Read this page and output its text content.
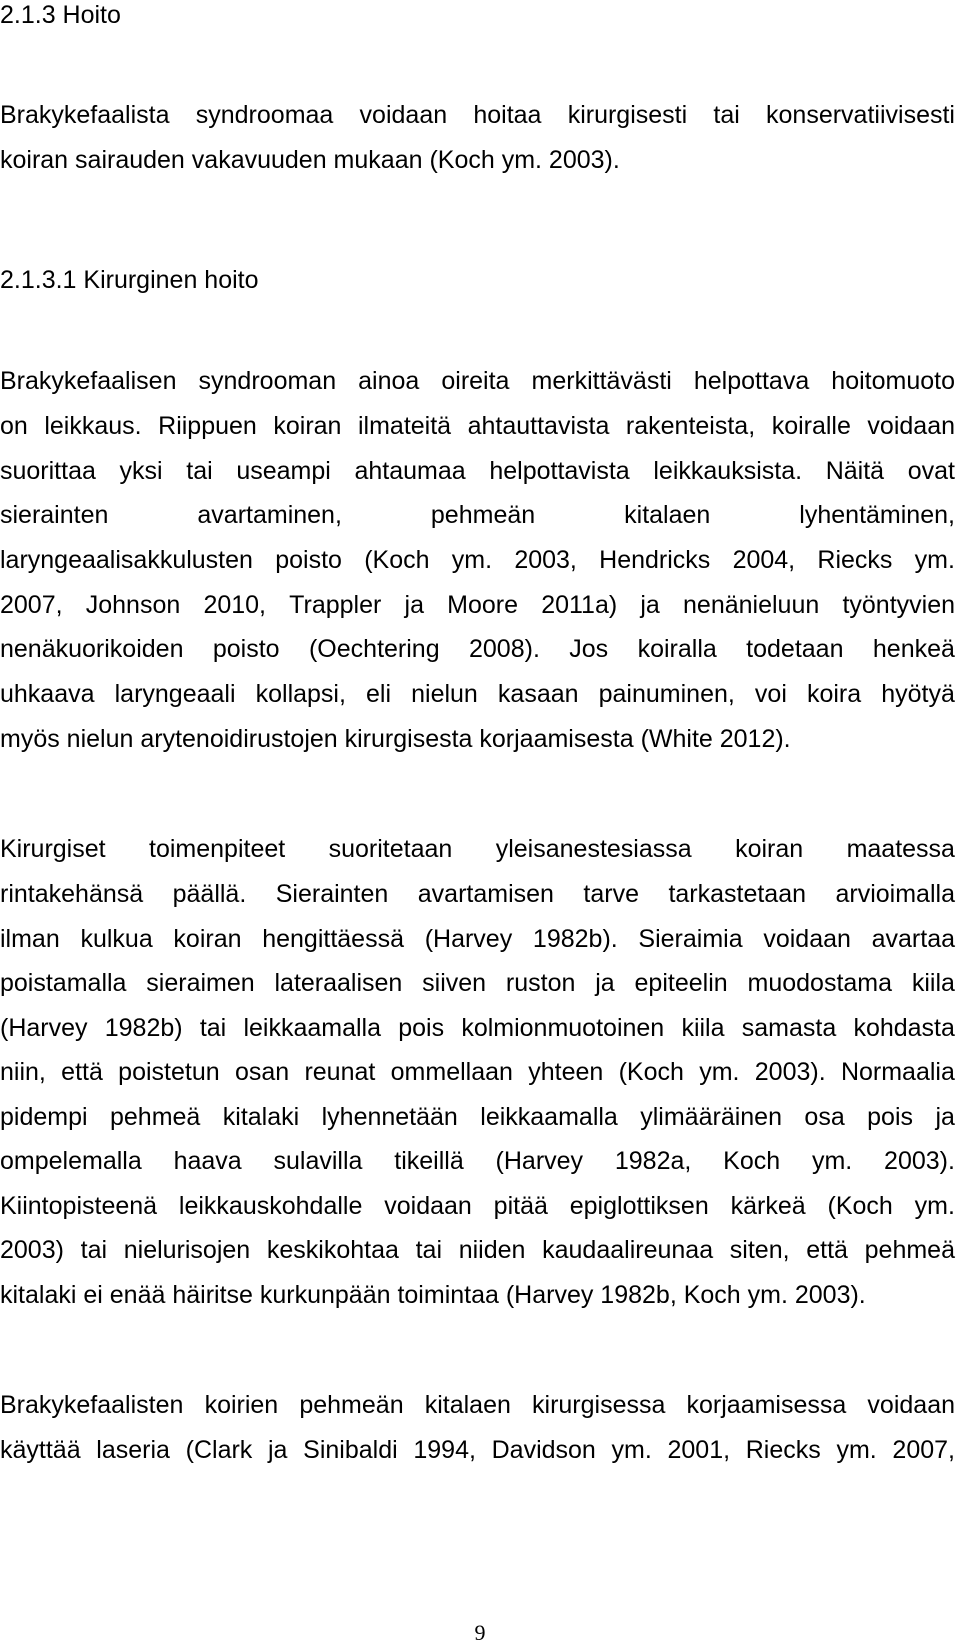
2.1.3 Hoito
Brakykefaalista syndroomaa voidaan hoitaa kirurgisesti tai konservatiivisesti
koiran sairauden vakavuuden mukaan (Koch ym. 2003).
2.1.3.1 Kirurginen hoito
Brakykefaalisen syndrooman ainoa oireita merkittävästi helpottava hoitomuoto
on leikkaus. Riippuen koiran ilmateitä ahtauttavista rakenteista, koiralle voidaan
suorittaa yksi tai useampi ahtaumaa helpottavista leikkauksista. Näitä ovat
sierainten	avartaminen,	pehmeän	kitalaen	lyhentäminen,
laryngeaalisakkulusten poisto (Koch ym. 2003, Hendricks 2004, Riecks ym.
2007, Johnson 2010, Trappler ja Moore 2011a) ja nenänieluun työntyvien
nenäkuorikoiden poisto (Oechtering 2008). Jos koiralla todetaan henkeä
uhkaava laryngeaali kollapsi, eli nielun kasaan painuminen, voi koira hyötyä
myös nielun arytenoidirustojen kirurgisesta korjaamisesta (White 2012).
Kirurgiset toimenpiteet suoritetaan yleisanestesiassa koiran maatessa
rintakehänsä päällä. Sierainten avartamisen tarve tarkastetaan arvioimalla
ilman kulkua koiran hengittäessä (Harvey 1982b). Sieraimia voidaan avartaa
poistamalla sieraimen lateraalisen siiven ruston ja epiteelin muodostama kiila
(Harvey 1982b) tai leikkaamalla pois kolmionmuotoinen kiila samasta kohdasta
niin, että poistetun osan reunat ommellaan yhteen (Koch ym. 2003). Normaalia
pidempi pehmeä kitalaki lyhennetään leikkaamalla ylimääräinen osa pois ja
ompelemalla haava sulavilla tikeillä (Harvey 1982a, Koch ym. 2003).
Kiintopisteenä leikkauskohdalle voidaan pitää epiglottiksen kärkeä (Koch ym.
2003) tai nielurisojen keskikohtaa tai niiden kaudaalireunaa siten, että pehmeä
kitalaki ei enää häiritse kurkunpään toimintaa (Harvey 1982b, Koch ym. 2003).
Brakykefaalisten koirien pehmeän kitalaen kirurgisessa korjaamisessa voidaan
käyttää laseria (Clark ja Sinibaldi 1994, Davidson ym. 2001, Riecks ym. 2007,
9
